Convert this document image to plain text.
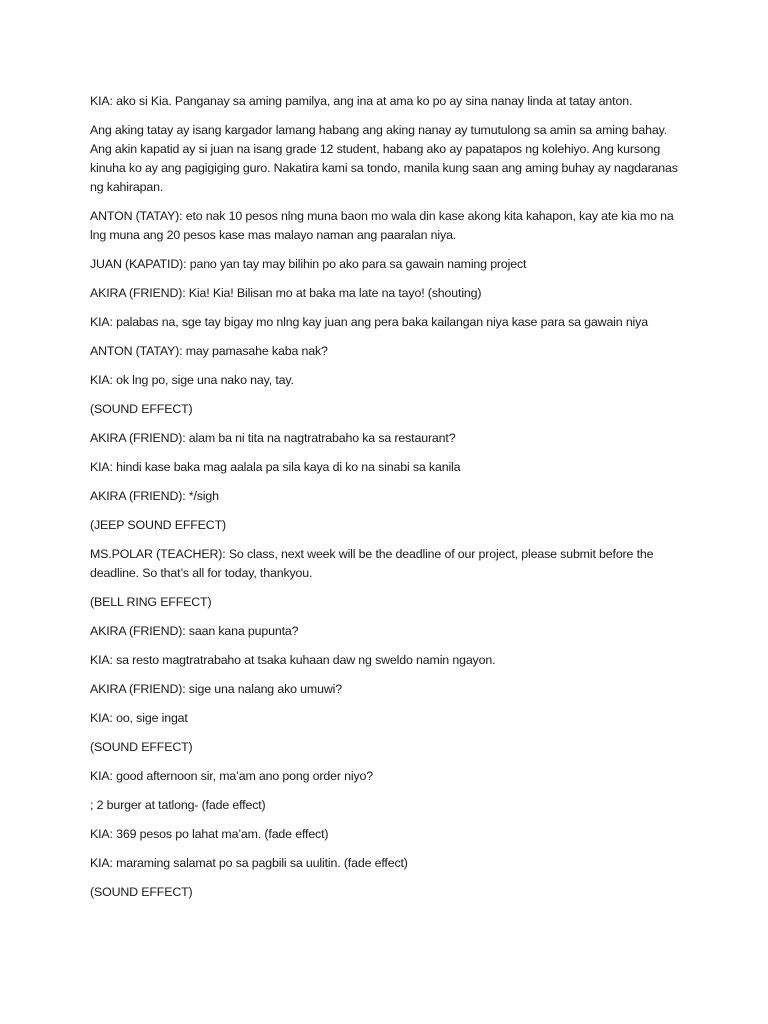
KIA: ako si Kia. Panganay sa aming pamilya, ang ina at ama ko po ay sina nanay linda at tatay anton.

Ang aking tatay ay isang kargador lamang habang ang aking nanay ay tumutulong sa amin sa aming bahay. Ang akin kapatid ay si juan na isang grade 12 student, habang ako ay papatapos ng kolehiyo. Ang kursong kinuha ko ay ang pagigiging guro. Nakatira kami sa tondo, manila kung saan ang aming buhay ay nagdaranas ng kahirapan.

ANTON (TATAY): eto nak 10 pesos nlng muna baon mo wala din kase akong kita kahapon, kay ate kia mo na lng muna ang 20 pesos kase mas malayo naman ang paaralan niya.

JUAN (KAPATID): pano yan tay may bilihin po ako para sa gawain naming project

AKIRA (FRIEND): Kia! Kia! Bilisan mo at baka ma late na tayo! (shouting)

KIA: palabas na, sge tay bigay mo nlng kay juan ang pera baka kailangan niya kase para sa gawain niya

ANTON (TATAY): may pamasahe kaba nak?

KIA: ok lng po, sige una nako nay, tay.

(SOUND EFFECT)

AKIRA (FRIEND): alam ba ni tita na nagtratrabaho ka sa restaurant?

KIA: hindi kase baka mag aalala pa sila kaya di ko na sinabi sa kanila

AKIRA (FRIEND): */sigh

(JEEP SOUND EFFECT)

MS.POLAR (TEACHER): So class, next week will be the deadline of our project, please submit before the deadline. So that’s all for today, thankyou.

(BELL RING EFFECT)

AKIRA (FRIEND): saan kana pupunta?

KIA: sa resto magtratrabaho at tsaka kuhaan daw ng sweldo namin ngayon.

AKIRA (FRIEND): sige una nalang ako umuwi?

KIA: oo, sige ingat

(SOUND EFFECT)

KIA: good afternoon sir, ma’am ano pong order niyo?

; 2 burger at tatlong- (fade effect)

KIA: 369 pesos po lahat ma’am. (fade effect)

KIA: maraming salamat po sa pagbili sa uulitin. (fade effect)

(SOUND EFFECT)
